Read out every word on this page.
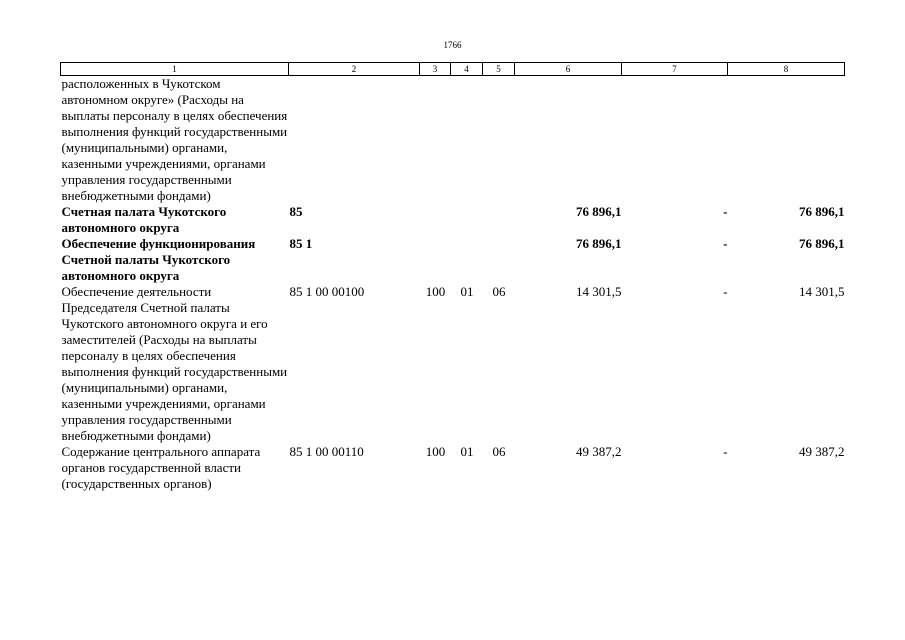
1766
1	2	3	4	5	6	7	8
расположенных в Чукотском автономном округе» (Расходы на выплаты персоналу в целях обеспечения выполнения функций государственными (муниципальными) органами, казенными учреждениями, органами управления государственными внебюджетными фондами)							
Счетная палата Чукотского автономного округа	85				76 896,1	-	76 896,1
Обеспечение функционирования Счетной палаты Чукотского автономного округа	85 1				76 896,1	-	76 896,1
Обеспечение деятельности Председателя Счетной палаты Чукотского автономного округа и его заместителей (Расходы на выплаты персоналу в целях обеспечения выполнения функций государственными (муниципальными) органами, казенными учреждениями, органами управления государственными внебюджетными фондами)	85 1 00 00100	100	01	06	14 301,5	-	14 301,5
Содержание центрального аппарата органов государственной власти (государственных органов)	85 1 00 00110	100	01	06	49 387,2	-	49 387,2
